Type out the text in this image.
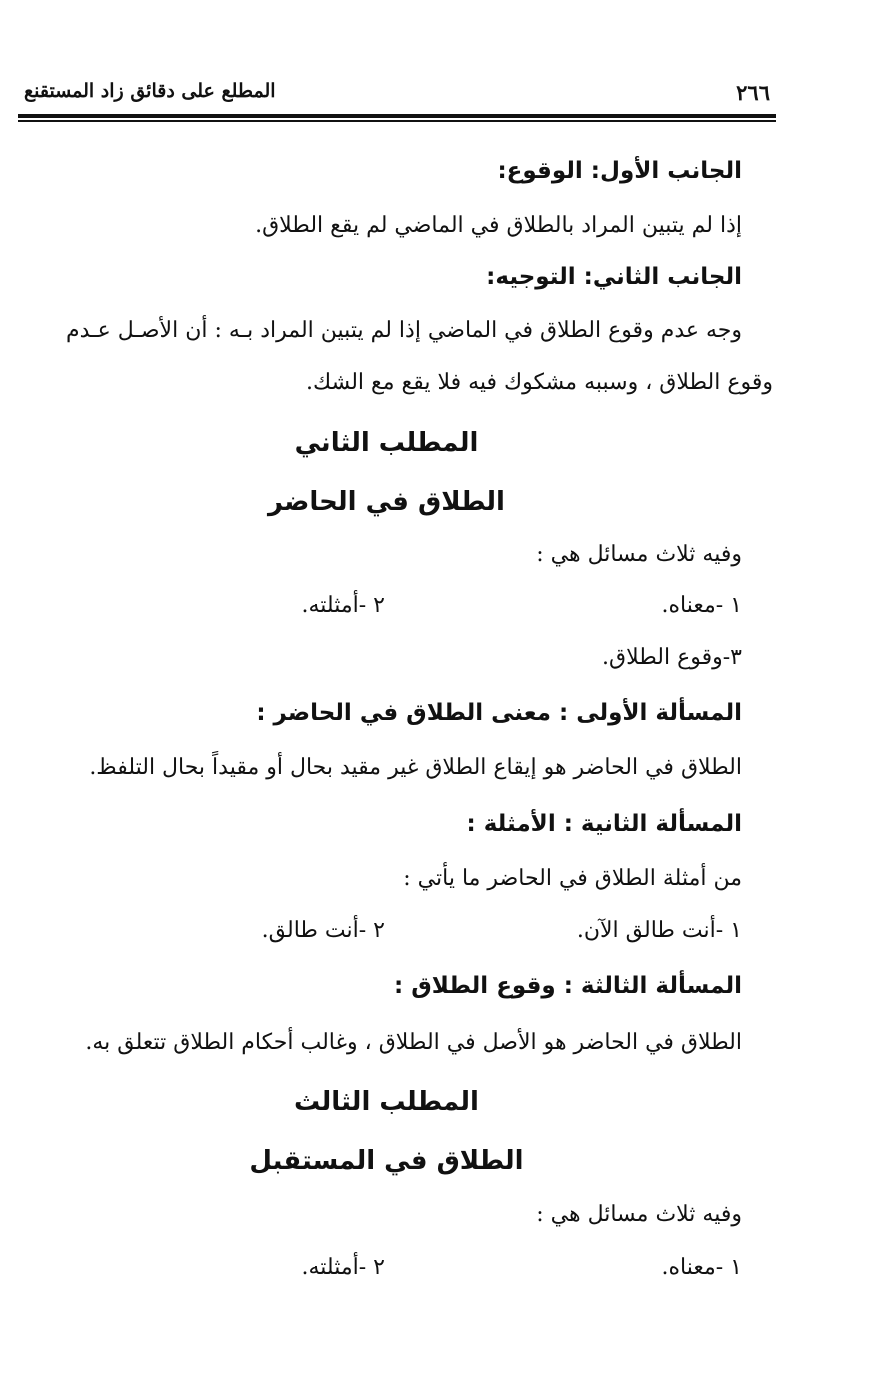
٢٦٦
المطلع على دقائق زاد المستقنع
الجانب الأول: الوقوع:
إذا لم يتبين المراد بالطلاق في الماضي لم يقع الطلاق.
الجانب الثاني: التوجيه:
وجه عدم وقوع الطلاق في الماضي إذا لم يتبين المراد بـه : أن الأصـل عـدم
وقوع الطلاق ، وسببه مشكوك فيه فلا يقع مع الشك.
المطلب الثاني
الطلاق في الحاضر
وفيه ثلاث مسائل هي :
١ -معناه.
٢ -أمثلته.
٣-وقوع الطلاق.
المسألة الأولى : معنى الطلاق في الحاضر :
الطلاق في الحاضر هو إيقاع الطلاق غير مقيد بحال أو مقيداً بحال التلفظ.
المسألة الثانية : الأمثلة :
من أمثلة الطلاق في الحاضر ما يأتي :
١ -أنت طالق الآن.
٢ -أنت طالق.
المسألة الثالثة : وقوع الطلاق :
الطلاق في الحاضر هو الأصل في الطلاق ، وغالب أحكام الطلاق تتعلق به.
المطلب الثالث
الطلاق في المستقبل
وفيه ثلاث مسائل هي :
١ -معناه.
٢ -أمثلته.
